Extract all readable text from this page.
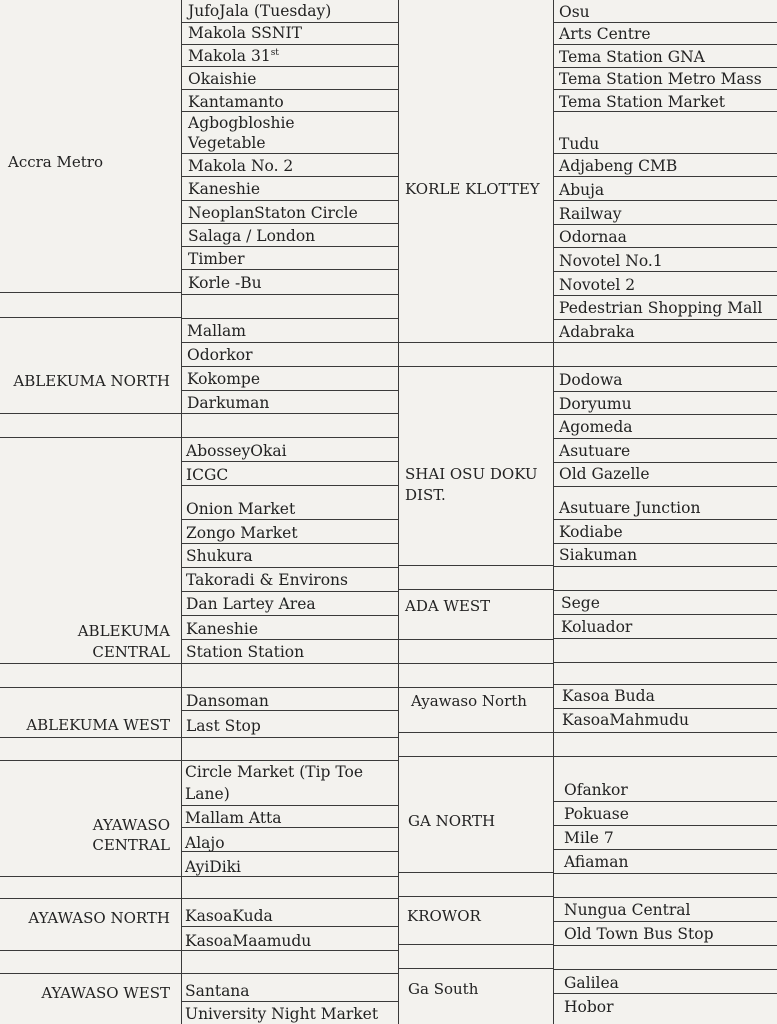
Accra Metro
ABLEKUMA NORTH
ABLEKUMA
CENTRAL
ABLEKUMA WEST
AYAWASO
CENTRAL
AYAWASO NORTH
AYAWASO WEST
JufoJala (Tuesday)
Makola SSNIT
Makola 31st
Okaishie
Kantamanto
Agbogbloshie
Vegetable
Makola No. 2
Kaneshie
NeoplanStaton Circle
Salaga / London
Timber
Korle -Bu
Mallam
Odorkor
Kokompe
Darkuman
AbosseyOkai
ICGC
Onion Market
Zongo Market
Shukura
Takoradi & Environs
Dan Lartey Area
Kaneshie
Station Station
Dansoman
Last Stop
Circle Market (Tip Toe
Lane)
Mallam Atta
Alajo
AyiDiki
KasoaKuda
KasoaMaamudu
Santana
University Night Market
KORLE KLOTTEY
SHAI OSU DOKU
DIST.
ADA WEST
Ayawaso North
GA NORTH
KROWOR
Ga South
Osu
Arts Centre
Tema Station GNA
Tema Station Metro Mass
Tema Station Market
Tudu
Adjabeng CMB
Abuja
Railway
Odornaa
Novotel No.1
Novotel 2
Pedestrian Shopping Mall
Adabraka
Dodowa
Doryumu
Agomeda
Asutuare
Old Gazelle
Asutuare Junction
Kodiabe
Siakuman
Sege
Koluador
Kasoa Buda
KasoaMahmudu
Ofankor
Pokuase
Mile 7
Afiaman
Nungua Central
Old Town Bus Stop
Galilea
Hobor
